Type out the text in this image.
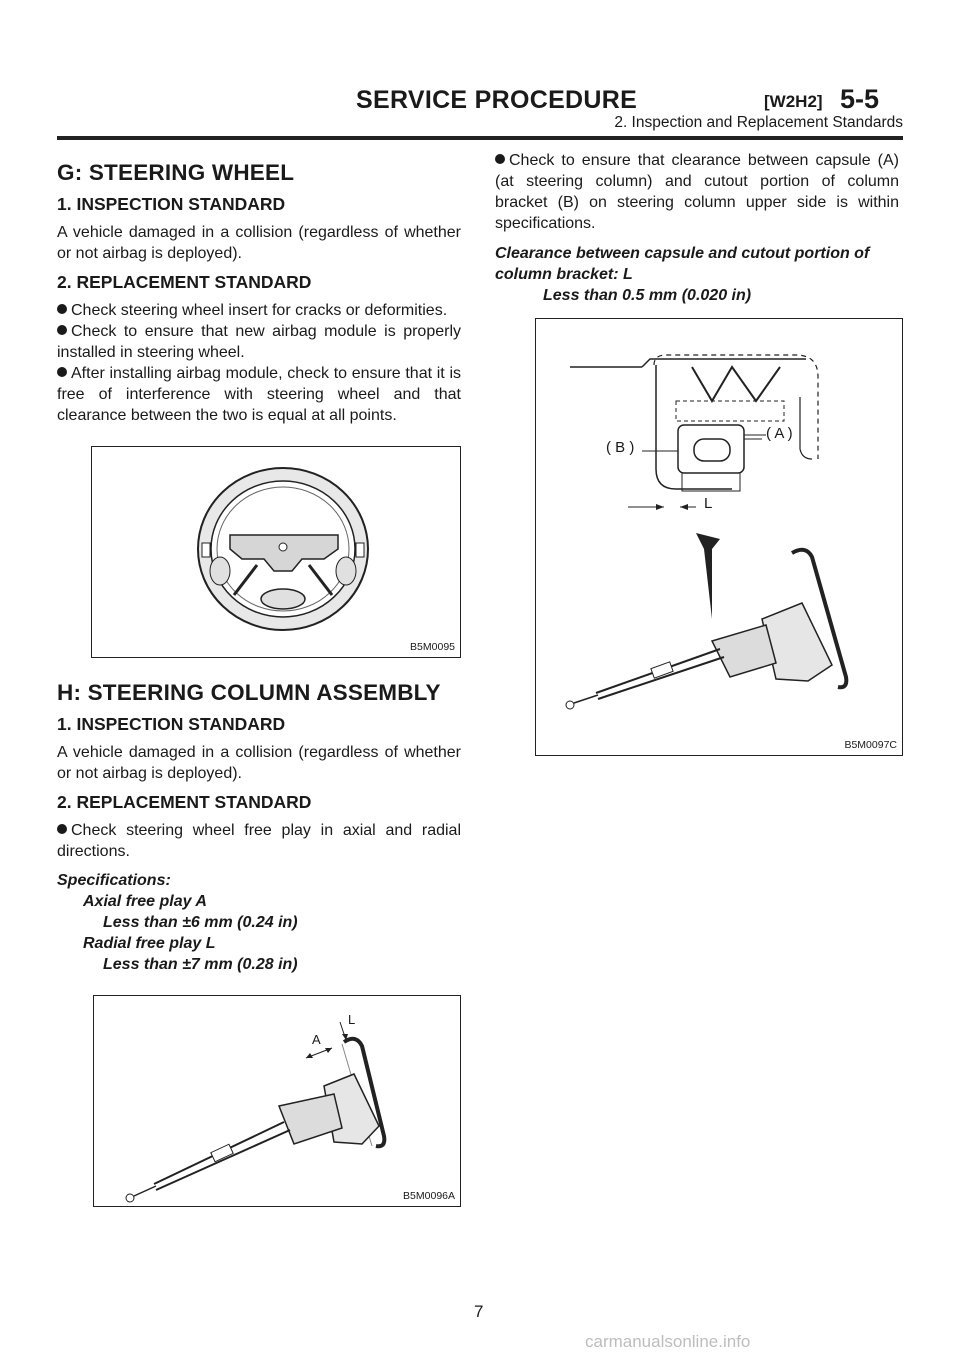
SERVICE PROCEDURE	[W2H2] 5-5
2. Inspection and Replacement Standards
G: STEERING WHEEL
1. INSPECTION STANDARD

A vehicle damaged in a collision (regardless of whether or not airbag is deployed).

2. REPLACEMENT STANDARD
Check steering wheel insert for cracks or deformities.
Check to ensure that new airbag module is properly installed in steering wheel.
After installing airbag module, check to ensure that it is free of interference with steering wheel and that clearance between the two is equal at all points.
B5M0095
H: STEERING COLUMN ASSEMBLY
1. INSPECTION STANDARD

A vehicle damaged in a collision (regardless of whether or not airbag is deployed).

2. REPLACEMENT STANDARD
Check steering wheel free play in axial and radial directions.
Specifications:
Axial free play A
Less than ±6 mm (0.24 in)
Radial free play L
Less than ±7 mm (0.28 in)
A
L
B5M0096A
Check to ensure that clearance between capsule (A) (at steering column) and cutout portion of column bracket (B) on steering column upper side is within specifications.
Clearance between capsule and cutout portion of column bracket: L
Less than 0.5 mm (0.020 in)
( B )
( A )
L
B5M0097C
7
carmanualsonline.info
